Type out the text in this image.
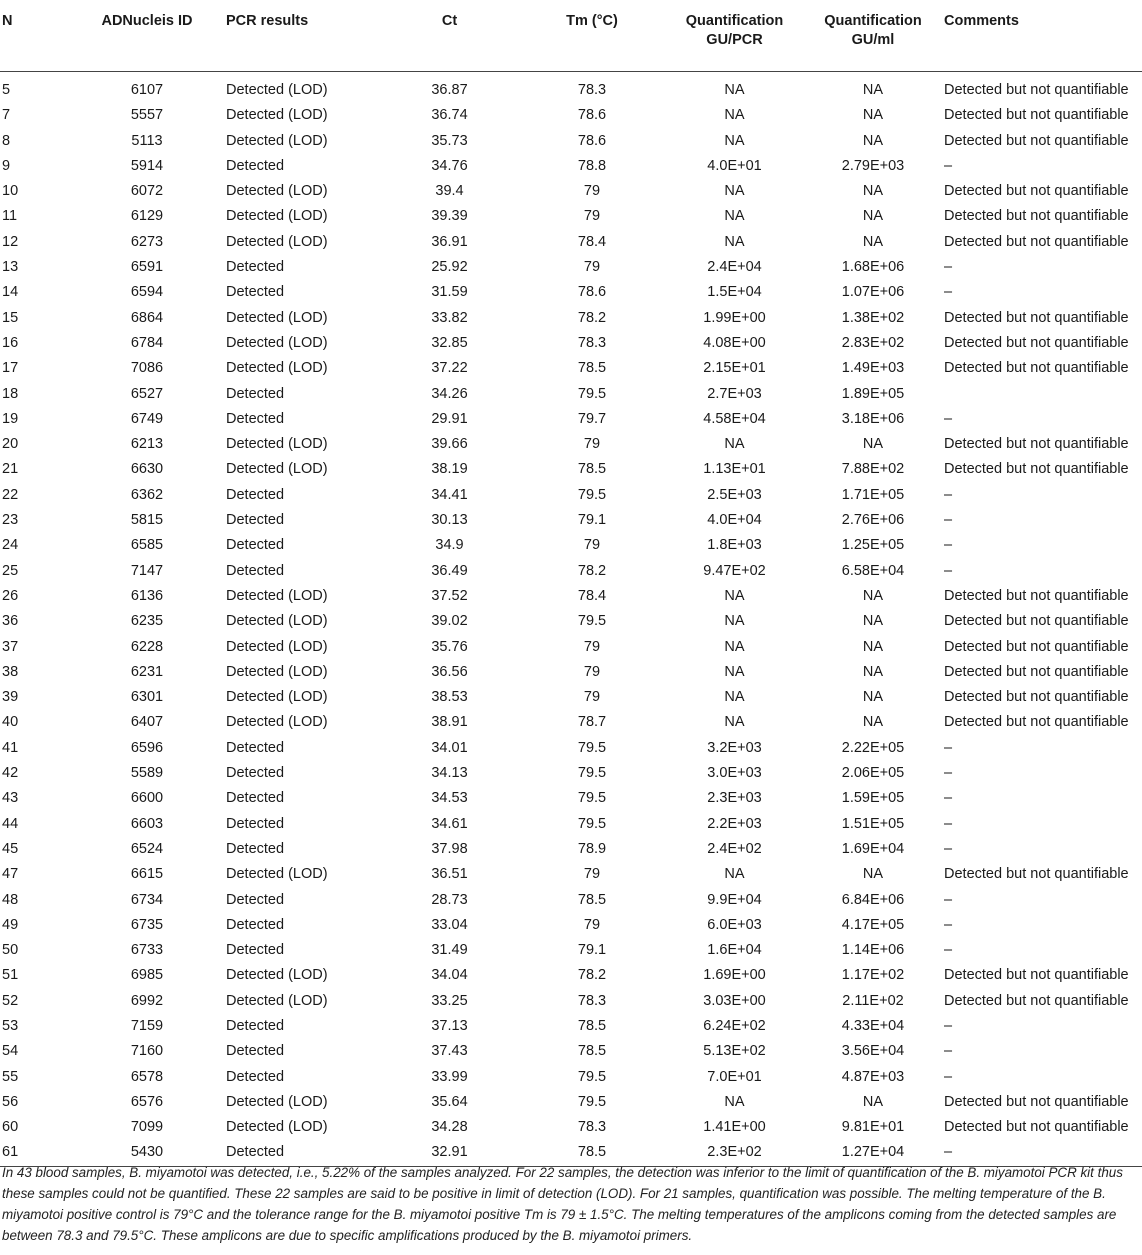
N	ADNucleis ID	PCR results	Ct	Tm (°C)	Quantification GU/PCR	Quantification GU/ml	Comments

5	6107	Detected (LOD)	36.87	78.3	NA	NA	Detected but not quantifiable
7	5557	Detected (LOD)	36.74	78.6	NA	NA	Detected but not quantifiable
8	5113	Detected (LOD)	35.73	78.6	NA	NA	Detected but not quantifiable
9	5914	Detected	34.76	78.8	4.0E+01	2.79E+03	–
10	6072	Detected (LOD)	39.4	79	NA	NA	Detected but not quantifiable
11	6129	Detected (LOD)	39.39	79	NA	NA	Detected but not quantifiable
12	6273	Detected (LOD)	36.91	78.4	NA	NA	Detected but not quantifiable
13	6591	Detected	25.92	79	2.4E+04	1.68E+06	–
14	6594	Detected	31.59	78.6	1.5E+04	1.07E+06	–
15	6864	Detected (LOD)	33.82	78.2	1.99E+00	1.38E+02	Detected but not quantifiable
16	6784	Detected (LOD)	32.85	78.3	4.08E+00	2.83E+02	Detected but not quantifiable
17	7086	Detected (LOD)	37.22	78.5	2.15E+01	1.49E+03	Detected but not quantifiable
18	6527	Detected	34.26	79.5	2.7E+03	1.89E+05	
19	6749	Detected	29.91	79.7	4.58E+04	3.18E+06	–
20	6213	Detected (LOD)	39.66	79	NA	NA	Detected but not quantifiable
21	6630	Detected (LOD)	38.19	78.5	1.13E+01	7.88E+02	Detected but not quantifiable
22	6362	Detected	34.41	79.5	2.5E+03	1.71E+05	–
23	5815	Detected	30.13	79.1	4.0E+04	2.76E+06	–
24	6585	Detected	34.9	79	1.8E+03	1.25E+05	–
25	7147	Detected	36.49	78.2	9.47E+02	6.58E+04	–
26	6136	Detected (LOD)	37.52	78.4	NA	NA	Detected but not quantifiable
36	6235	Detected (LOD)	39.02	79.5	NA	NA	Detected but not quantifiable
37	6228	Detected (LOD)	35.76	79	NA	NA	Detected but not quantifiable
38	6231	Detected (LOD)	36.56	79	NA	NA	Detected but not quantifiable
39	6301	Detected (LOD)	38.53	79	NA	NA	Detected but not quantifiable
40	6407	Detected (LOD)	38.91	78.7	NA	NA	Detected but not quantifiable
41	6596	Detected	34.01	79.5	3.2E+03	2.22E+05	–
42	5589	Detected	34.13	79.5	3.0E+03	2.06E+05	–
43	6600	Detected	34.53	79.5	2.3E+03	1.59E+05	–
44	6603	Detected	34.61	79.5	2.2E+03	1.51E+05	–
45	6524	Detected	37.98	78.9	2.4E+02	1.69E+04	–
47	6615	Detected (LOD)	36.51	79	NA	NA	Detected but not quantifiable
48	6734	Detected	28.73	78.5	9.9E+04	6.84E+06	–
49	6735	Detected	33.04	79	6.0E+03	4.17E+05	–
50	6733	Detected	31.49	79.1	1.6E+04	1.14E+06	–
51	6985	Detected (LOD)	34.04	78.2	1.69E+00	1.17E+02	Detected but not quantifiable
52	6992	Detected (LOD)	33.25	78.3	3.03E+00	2.11E+02	Detected but not quantifiable
53	7159	Detected	37.13	78.5	6.24E+02	4.33E+04	–
54	7160	Detected	37.43	78.5	5.13E+02	3.56E+04	–
55	6578	Detected	33.99	79.5	7.0E+01	4.87E+03	–
56	6576	Detected (LOD)	35.64	79.5	NA	NA	Detected but not quantifiable
60	7099	Detected (LOD)	34.28	78.3	1.41E+00	9.81E+01	Detected but not quantifiable
61	5430	Detected	32.91	78.5	2.3E+02	1.27E+04	–
In 43 blood samples, B. miyamotoi was detected, i.e., 5.22% of the samples analyzed. For 22 samples, the detection was inferior to the limit of quantification of the B. miyamotoi PCR kit thus these samples could not be quantified. These 22 samples are said to be positive in limit of detection (LOD). For 21 samples, quantification was possible. The melting temperature of the B. miyamotoi positive control is 79°C and the tolerance range for the B. miyamotoi positive Tm is 79 ± 1.5°C. The melting temperatures of the amplicons coming from the detected samples are between 78.3 and 79.5°C. These amplicons are due to specific amplifications produced by the B. miyamotoi primers.
